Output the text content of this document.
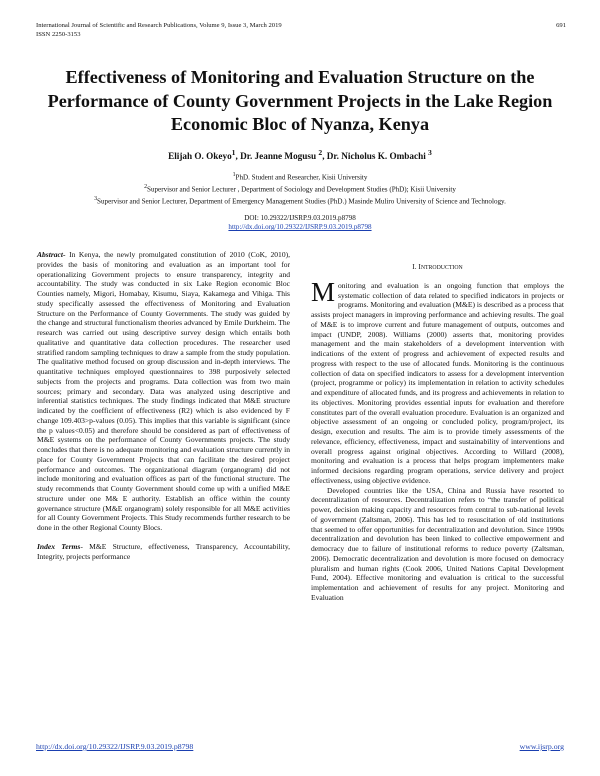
International Journal of Scientific and Research Publications, Volume 9, Issue 3, March 2019
ISSN 2250-3153
691
Effectiveness of Monitoring and Evaluation Structure on the Performance of County Government Projects in the Lake Region Economic Bloc of Nyanza, Kenya
Elijah O. Okeyo$^1$, Dr. Jeanne Mogusu $^2$, Dr. Nicholus K. Ombachi $^3$
$^1$PhD. Student and Researcher, Kisii University
$^2$Supervisor and Senior Lecturer , Department of Sociology and Development Studies (PhD); Kisii University
$^3$Supervisor and Senior Lecturer, Department of Emergency Management Studies (PhD.) Masinde Muliro University of Science and Technology.
DOI: 10.29322/IJSRP.9.03.2019.p8798
http://dx.doi.org/10.29322/IJSRP.9.03.2019.p8798

Abstract- In Kenya, the newly promulgated constitution of 2010 (CoK, 2010), provides the basis of monitoring and evaluation as an important tool for operationalizing Government projects to ensure transparency, integrity and accountability. The study was conducted in six Lake Region economic Bloc Counties namely, Migori, Homabay, Kisumu, Siaya, Kakamega and Vihiga. This study specifically assessed the effectiveness of Monitoring and Evaluation Structure on the Performance of County Governments. The study was guided by the change and structural functionalism theories advanced by Emile Durkheim. The research was carried out using descriptive survey design which entails both qualitative and quantitative data collection procedures. The researcher used stratified random sampling techniques to draw a sample from the study population. The qualitative method focused on group discussion and in-depth interviews. The quantitative techniques employed questionnaires to 398 purposively selected subjects from the projects and programs. Data collection was from two main sources; primary and secondary. Data was analyzed using descriptive and inferential statistics techniques. The study findings indicated that M&E structure indicated by the coefficient of effectiveness (R2) which is also evidenced by F change 109.403>p-values (0.05). This implies that this variable is significant (since the p values<0.05) and therefore should be considered as part of effectiveness of M&E systems on the performance of County Governments projects. The study concludes that there is no adequate monitoring and evaluation structure currently in place for County Government Projects that can facilitate the desired project performance and outcomes. The organizational diagram (organogram) did not include monitoring and evaluation offices as part of the functional structure. The study recommends that County Government should come up with a unified M&E structure under one M& E authority. Establish an office within the county governance structure (M&E organogram) solely responsible for all M&E activities for all County Government Projects. This Study recommends further research to be done in the other Regional County Blocs.

Index Terms- M&E Structure, effectiveness, Transparency, Accountability, Integrity, projects performance

I. INTRODUCTION

Monitoring and evaluation is an ongoing function that employs the systematic collection of data related to specified indicators in projects or programs. Monitoring and evaluation (M&E) is described as a process that assists project managers in improving performance and achieving results. The goal of M&E is to improve current and future management of outputs, outcomes and impact (UNDP, 2008). Williams (2000) asserts that, monitoring provides management and the main stakeholders of a development intervention with indications of the extent of progress and achievement of expected results and progress with respect to the use of allocated funds. Monitoring is the continuous collection of data on specified indicators to assess for a development intervention (project, programme or policy) its implementation in relation to activity schedules and expenditure of allocated funds, and its progress and achievements in relation to its objectives. Monitoring provides essential inputs for evaluation and therefore constitutes part of the overall evaluation procedure. Evaluation is an organized and objective assessment of an ongoing or concluded policy, program/project, its design, execution and results. The aim is to provide timely assessments of the relevance, efficiency, effectiveness, impact and sustainability of interventions and overall progress against original objectives. According to Willard (2008), monitoring and evaluation is a process that helps program implementers make informed decisions regarding program operations, service delivery and project effectiveness, using objective evidence.

Developed countries like the USA, China and Russia have resorted to decentralization of resources. Decentralization refers to “the transfer of political power, decision making capacity and resources from central to sub-national levels of government (Zaltsman, 2006). This has led to resuscitation of old institutions that seemed to offer opportunities for decentralization and devolution. Since 1990s decentralization and devolution has been linked to collective empowerment and democracy due to failure of institutional reforms to reduce poverty (Zaltsman, 2006). Democratic decentralization and devolution is more focused on democracy pluralism and human rights (Cook 2006, United Nations Capital Development Fund, 2004). Effective monitoring and evaluation is critical to the successful implementation and achievement of results for any project. Monitoring and Evaluation

http://dx.doi.org/10.29322/IJSRP.9.03.2019.p8798	www.ijsrp.org
